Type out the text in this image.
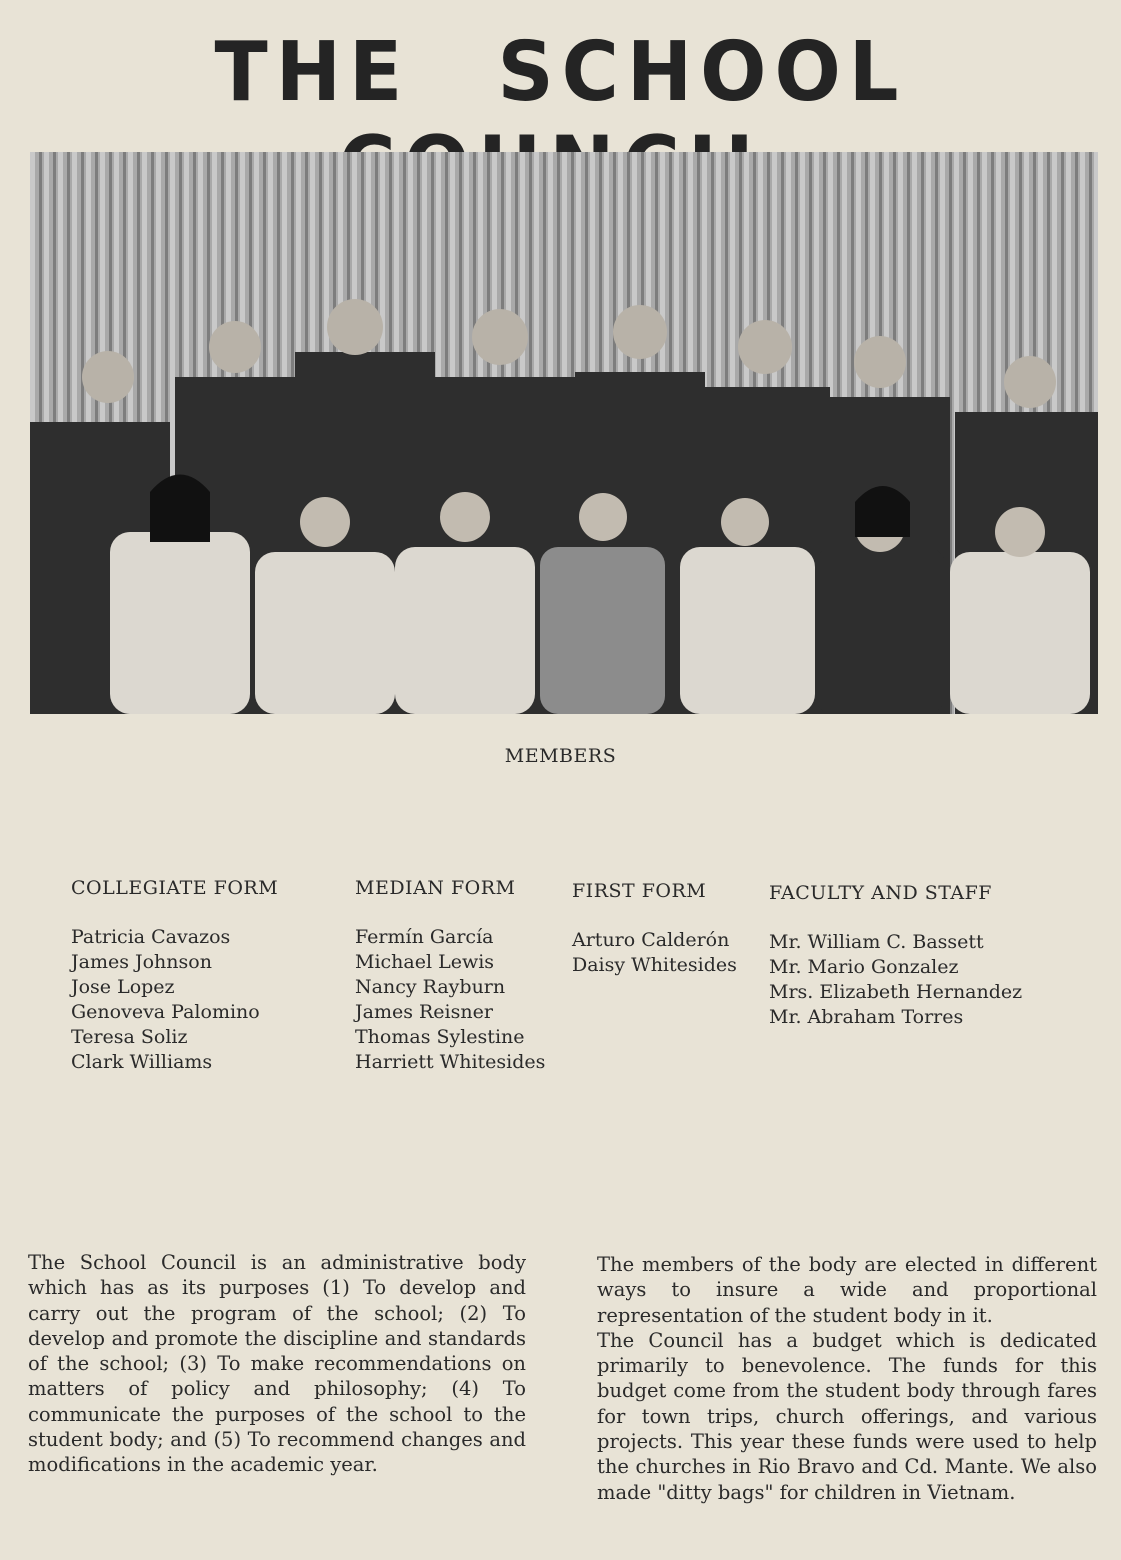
THE SCHOOL
MEMBERS
COLLEGIATE FORM
Patricia Cavazos
James Johnson
Jose Lopez
Genoveva Palomino
Teresa Soliz
Clark Williams
MEDIAN FORM
Fermín García
Michael Lewis
Nancy Rayburn
James Reisner
Thomas Sylestine
Harriett Whitesides
FIRST FORM
Arturo Calderón
Daisy Whitesides
FACULTY AND STAFF
Mr. William C. Bassett
Mr. Mario Gonzalez
Mrs. Elizabeth Hernandez
Mr. Abraham Torres

The School Council is an administrative body which has as its purposes (1) To develop and carry out the program of the school; (2) To develop and promote the discipline and standards of the school; (3) To make recommendations on matters of policy and philosophy; (4) To communicate the purposes of the school to the student body; and (5) To recommend changes and modifications in the academic year.

The members of the body are elected in different ways to insure a wide and proportional representation of the student body in it.

The Council has a budget which is dedicated primarily to benevolence. The funds for this budget come from the student body through fares for town trips, church offerings, and various projects. This year these funds were used to help the churches in Rio Bravo and Cd. Mante. We also made "ditty bags" for children in Vietnam.
